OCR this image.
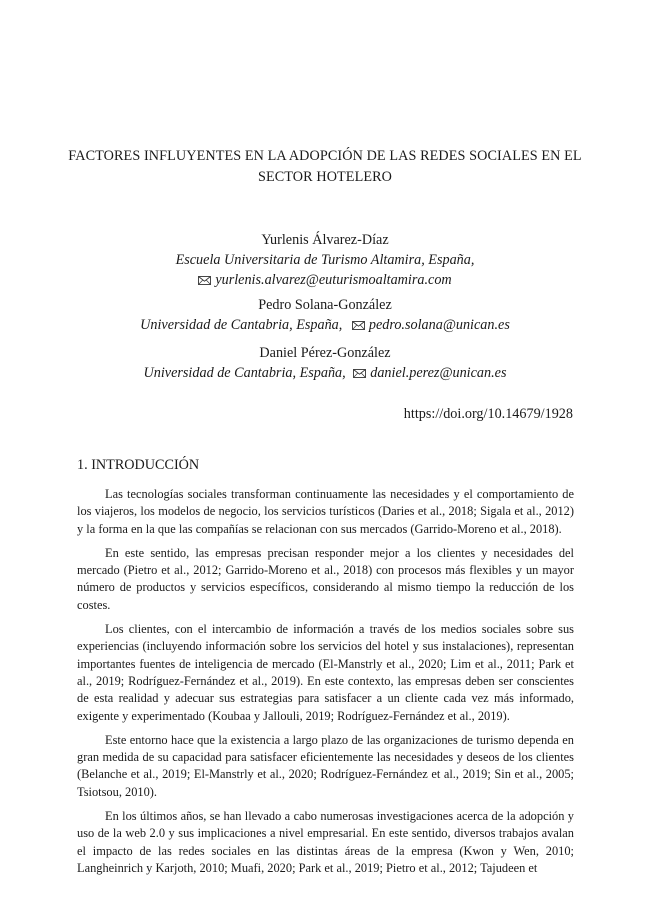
FACTORES INFLUYENTES EN LA ADOPCIÓN DE LAS REDES SOCIALES EN EL
SECTOR HOTELERO
Yurlenis Álvarez-Díaz
Escuela Universitaria de Turismo Altamira, España,
yurlenis.alvarez@euturismoaltamira.com
Pedro Solana-González
Universidad de Cantabria, España, pedro.solana@unican.es
Daniel Pérez-González
Universidad de Cantabria, España, daniel.perez@unican.es
https://doi.org/10.14679/1928
1. INTRODUCCIÓN

Las tecnologías sociales transforman continuamente las necesidades y el comportamiento de los viajeros, los modelos de negocio, los servicios turísticos (Daries et al., 2018; Sigala et al., 2012) y la forma en la que las compañías se relacionan con sus mercados (Garrido-Moreno et al., 2018).

En este sentido, las empresas precisan responder mejor a los clientes y necesidades del mercado (Pietro et al., 2012; Garrido-Moreno et al., 2018) con procesos más flexibles y un mayor número de productos y servicios específicos, considerando al mismo tiempo la reducción de los costes.

Los clientes, con el intercambio de información a través de los medios sociales sobre sus experiencias (incluyendo información sobre los servicios del hotel y sus instalaciones), representan importantes fuentes de inteligencia de mercado (El-Manstrly et al., 2020; Lim et al., 2011; Park et al., 2019; Rodríguez-Fernández et al., 2019). En este contexto, las empresas deben ser conscientes de esta realidad y adecuar sus estrategias para satisfacer a un cliente cada vez más informado, exigente y experimentado (Koubaa y Jallouli, 2019; Rodríguez-Fernández et al., 2019).

Este entorno hace que la existencia a largo plazo de las organizaciones de turismo dependa en gran medida de su capacidad para satisfacer eficientemente las necesidades y deseos de los clientes (Belanche et al., 2019; El-Manstrly et al., 2020; Rodríguez-Fernández et al., 2019; Sin et al., 2005; Tsiotsou, 2010).

En los últimos años, se han llevado a cabo numerosas investigaciones acerca de la adopción y uso de la web 2.0 y sus implicaciones a nivel empresarial. En este sentido, diversos trabajos avalan el impacto de las redes sociales en las distintas áreas de la empresa (Kwon y Wen, 2010; Langheinrich y Karjoth, 2010; Muafi, 2020; Park et al., 2019; Pietro et al., 2012; Tajudeen et
